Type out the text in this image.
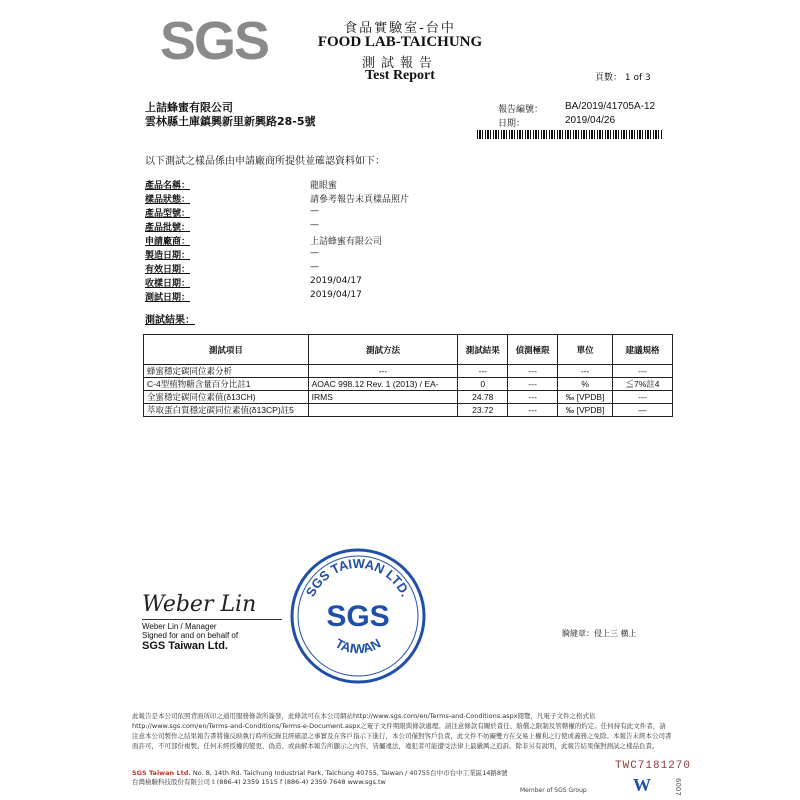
SGS	食品實驗室-台中
FOOD LAB-TAICHUNG
測試報告
Test Report	頁數： 1 of 3
上詰蜂蜜有限公司
雲林縣土庫鎮興新里新興路28-5號
報告編號： BA/2019/41705A-12
日期：	2019/04/26
以下測試之樣品係由申請廠商所提供並確認資料如下：
產品名稱：	龍眼蜜
樣品狀態：	請參考報告末頁樣品照片
產品型號：	—
產品批號：	—
申請廠商：	上詰蜂蜜有限公司
製造日期：	—
有效日期：	—
收樣日期：	2019/04/17
測試日期：	2019/04/17
測試結果：
測試項目	測試方法	測試結果	偵測極限	單位	建議規格
蜂蜜穩定碳同位素分析	---	---	---	---	---
C-4型植物糖含量百分比註1	AOAC 998.12 Rev. 1 (2013) / EA-	0	---	%	≦7%註4
全蜜穩定碳同位素值(δ13CH)	IRMS	24.78	---	‰ [VPDB]	---
萃取蛋白質穩定碳同位素值(δ13CP)註5		23.72	---	‰ [VPDB]	—
Weber Lin
Weber Lin / Manager
Signed for and on behalf of
SGS Taiwan Ltd.
SGS TAIWAN LTD.
SGS
TAIWAN
騎縫章：侵上三 橫上
此報告是本公司依照背面所印之通用服務條款所簽發，此條款可在本公司網站http://www.sgs.com/en/Terms-and-Conditions.aspx閱覽，凡電子文件之格式依http://www.sgs.com/en/Terms-and-Conditions/Terms-e-Document.aspx之電子文件期限與條款處理。請注意條款有關於責任、賠償之限制及管轄權的約定。任何持有此文件者，請注意本公司製作之結果報告書將僅反映執行時所紀錄且經確認之事實及在客戶指示下進行，本公司僅對客戶負責，此文件不妨礙雙方在交易上權利之行使或義務之免除。本報告未經本公司書面許可，不可部份複製。任何未經授權的變更、偽造、或曲解本報告所顯示之內容，皆屬違法，違犯者可能遭受法律上最嚴厲之追訴。除非另有說明，此報告結果僅對測試之樣品負責。
TWC7181270
SGS Taiwan Ltd. No. 8, 14th Rd. Taichung Industrial Park, Taichung 40755, Taiwan / 40755台中市台中工業區14路8號
台灣檢驗科技股份有限公司 t (886-4) 2359 1515 f (886-4) 2359 7648 www.sgs.tw
Member of SGS Group	W	6007
